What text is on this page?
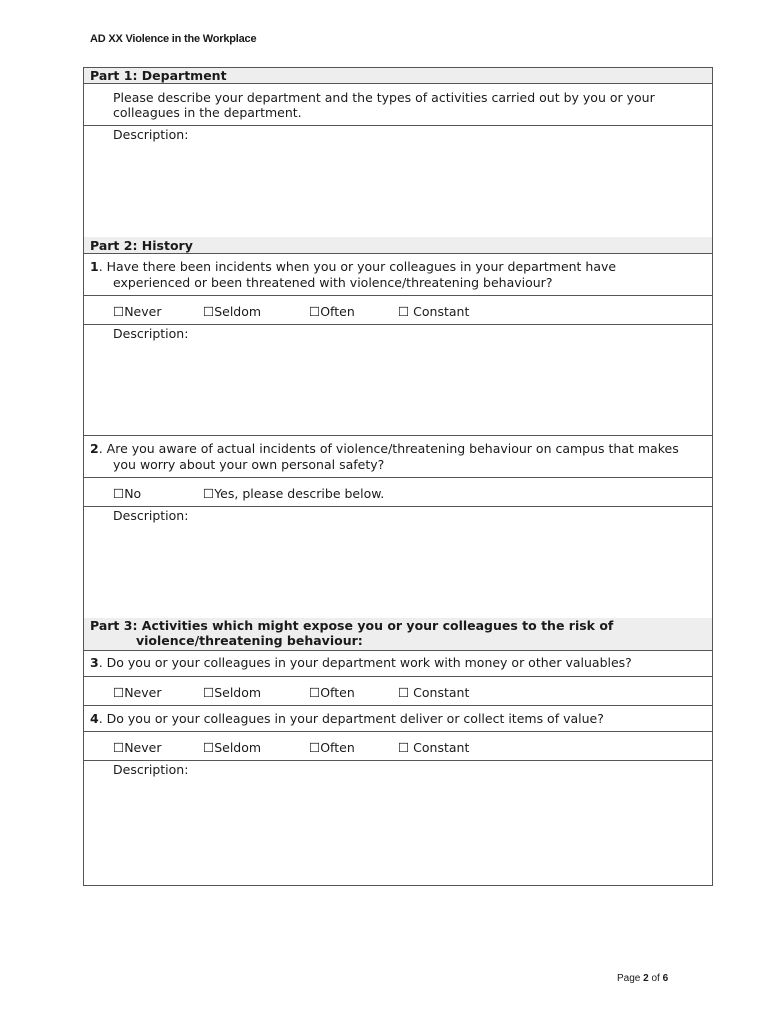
AD XX Violence in the Workplace
Part 1: Department
Please describe your department and the types of activities carried out by you or your
colleagues in the department.
Description:
Part 2: History
1. Have there been incidents when you or your colleagues in your department have
experienced or been threatened with violence/threatening behaviour?
☐Never	☐Seldom	☐Often	☐ Constant
Description:
2. Are you aware of actual incidents of violence/threatening behaviour on campus that makes
you worry about your own personal safety?
☐No	☐Yes, please describe below.
Description:
Part 3: Activities which might expose you or your colleagues to the risk of
violence/threatening behaviour:
3. Do you or your colleagues in your department work with money or other valuables?
☐Never	☐Seldom	☐Often	☐ Constant
4. Do you or your colleagues in your department deliver or collect items of value?
☐Never	☐Seldom	☐Often	☐ Constant
Description:
Page 2 of 6
